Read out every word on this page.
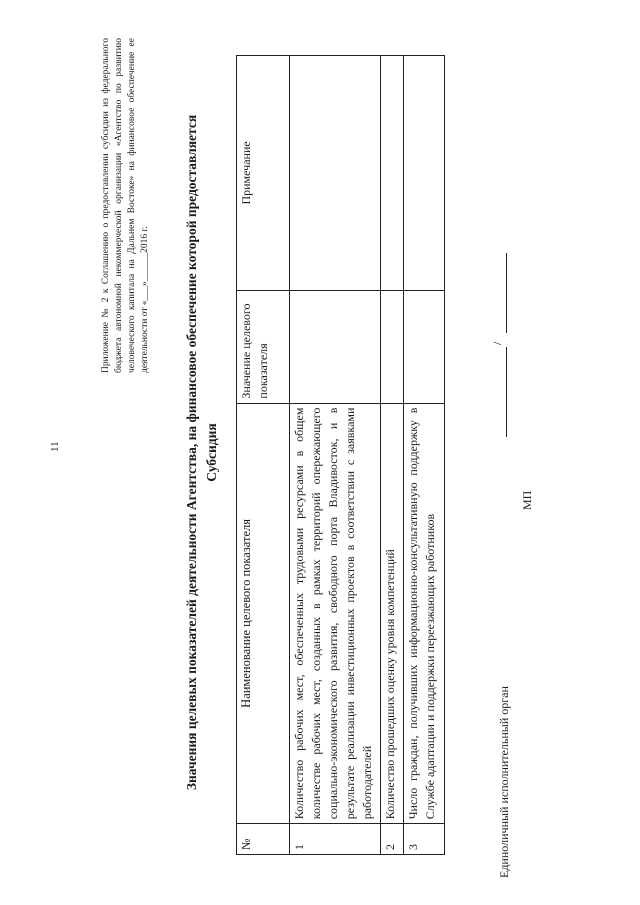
11
Приложение № 2 к Соглашению о предоставлении субсидии из федерального бюджета автономной некоммерческой организации «Агентство по развитию человеческого капитала на Дальнем Востоке» на финансовое обеспечение ее деятельности от «___»______2016 г.	Значения целевых показателей деятельности Агентства, на финансовое обеспечение которой предоставляется Субсидия
№	Наименование целевого показателя	Значение целевого показателя	Примечание
1	Количество рабочих мест, обеспеченных трудовыми ресурсами в общем количестве рабочих мест, созданных в рамках территорий опережающего социально-экономического развития, свободного порта Владивосток, и в результате реализации инвестиционных проектов в соответствии с заявками работодателей		
2	Количество прошедших оценку уровня компетенций		
3	Число граждан, получивших информационно-консультативную поддержку в Службе адаптации и поддержки переезжающих работников			Единоличный исполнительный орган
/
МП
